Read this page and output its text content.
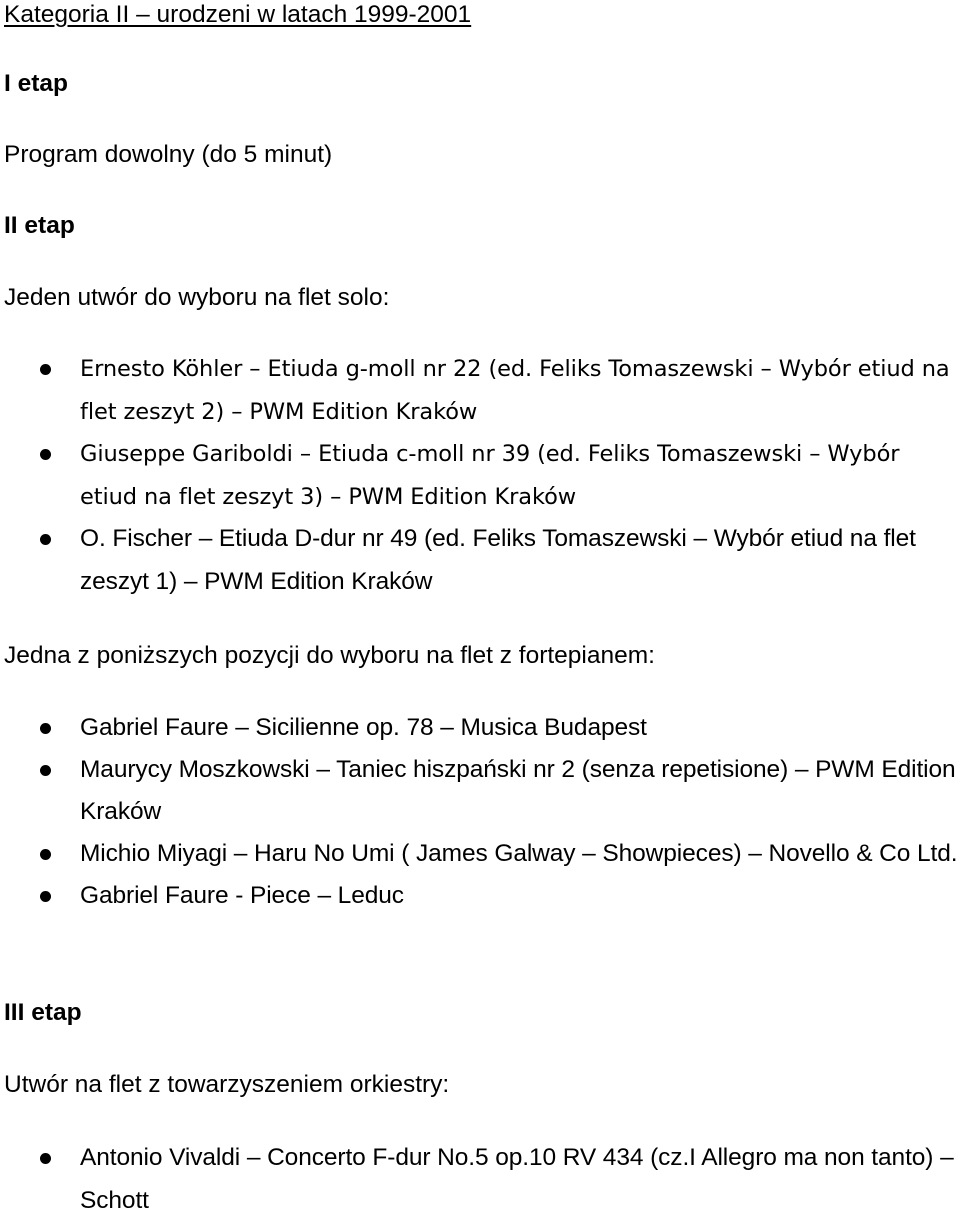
Kategoria II – urodzeni w latach 1999-2001
I etap
Program dowolny (do 5 minut)
II etap
Jeden utwór do wyboru na flet solo:
Ernesto Köhler – Etiuda g-moll nr 22 (ed. Feliks Tomaszewski – Wybór etiud na flet zeszyt 2) – PWM Edition Kraków
Giuseppe Gariboldi – Etiuda c-moll nr 39 (ed. Feliks Tomaszewski – Wybór etiud na flet zeszyt 3) – PWM Edition Kraków
O. Fischer – Etiuda D-dur nr 49 (ed. Feliks Tomaszewski – Wybór etiud na flet zeszyt 1) – PWM Edition Kraków
Jedna z poniższych pozycji do wyboru na flet z fortepianem:
Gabriel Faure – Sicilienne op. 78 – Musica Budapest
Maurycy Moszkowski – Taniec hiszpański nr 2 (senza repetisione) – PWM Edition Kraków
Michio Miyagi – Haru No Umi ( James Galway – Showpieces) – Novello & Co Ltd.
Gabriel Faure - Piece – Leduc
III etap
Utwór na flet z towarzyszeniem orkiestry:
Antonio Vivaldi – Concerto F-dur No.5 op.10 RV 434 (cz.I Allegro ma non tanto) – Schott
